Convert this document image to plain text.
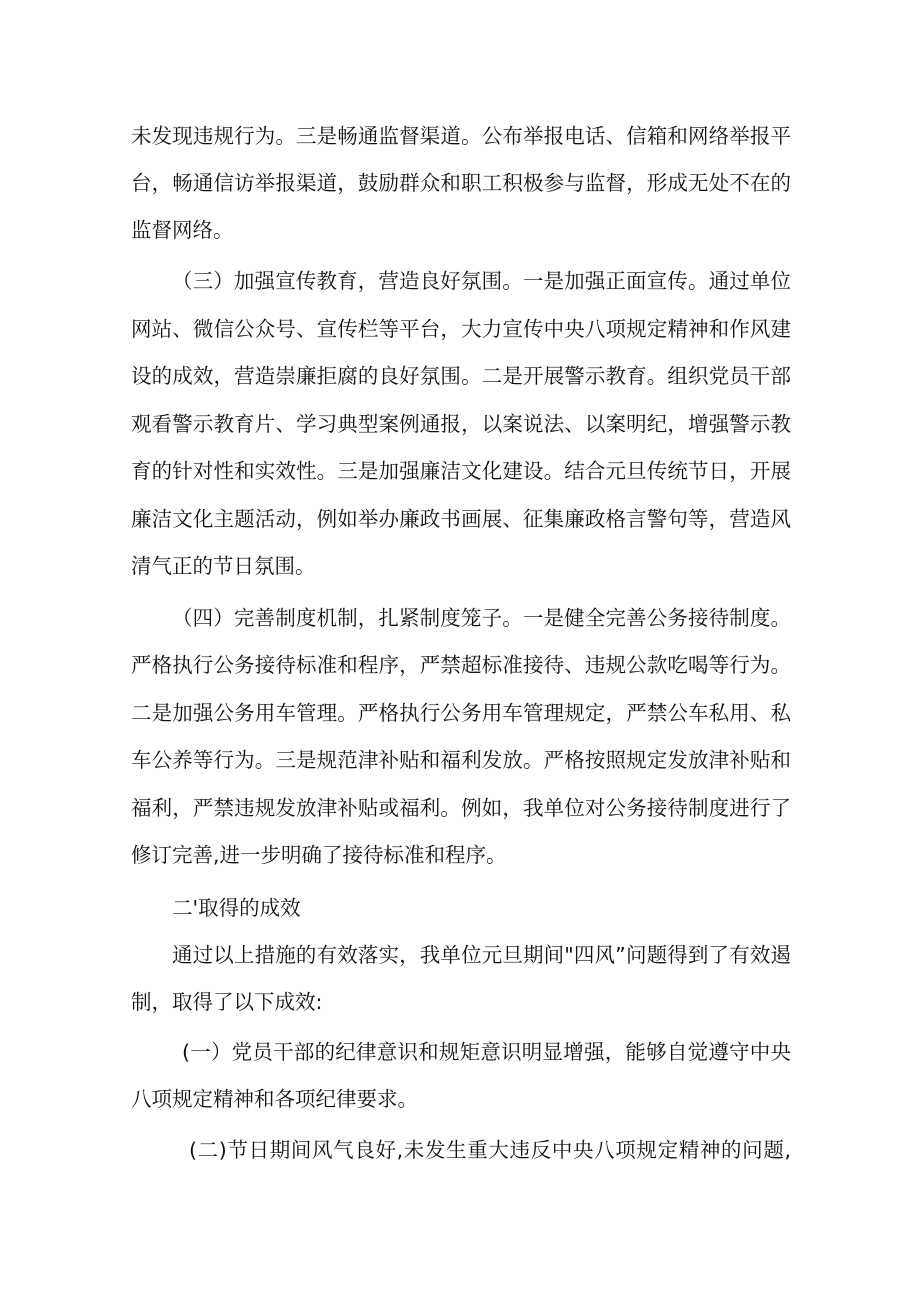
未发现违规行为。三是畅通监督渠道。公布举报电话、信箱和网络举报平
台，畅通信访举报渠道，鼓励群众和职工积极参与监督，形成无处不在的
监督网络。
（三）加强宣传教育，营造良好氛围。一是加强正面宣传。通过单位
网站、微信公众号、宣传栏等平台，大力宣传中央八项规定精神和作风建
设的成效，营造崇廉拒腐的良好氛围。二是开展警示教育。组织党员干部
观看警示教育片、学习典型案例通报，以案说法、以案明纪，增强警示教
育的针对性和实效性。三是加强廉洁文化建设。结合元旦传统节日，开展
廉洁文化主题活动，例如举办廉政书画展、征集廉政格言警句等，营造风
清气正的节日氛围。
（四）完善制度机制，扎紧制度笼子。一是健全完善公务接待制度。
严格执行公务接待标准和程序，严禁超标准接待、违规公款吃喝等行为。
二是加强公务用车管理。严格执行公务用车管理规定，严禁公车私用、私
车公养等行为。三是规范津补贴和福利发放。严格按照规定发放津补贴和
福利，严禁违规发放津补贴或福利。例如，我单位对公务接待制度进行了
修订完善,进一步明确了接待标准和程序。
二'取得的成效
通过以上措施的有效落实，我单位元旦期间"四风”问题得到了有效遏
制，取得了以下成效:
(一）党员干部的纪律意识和规矩意识明显增强，能够自觉遵守中央
八项规定精神和各项纪律要求。
(二)节日期间风气良好,未发生重大违反中央八项规定精神的问题,
